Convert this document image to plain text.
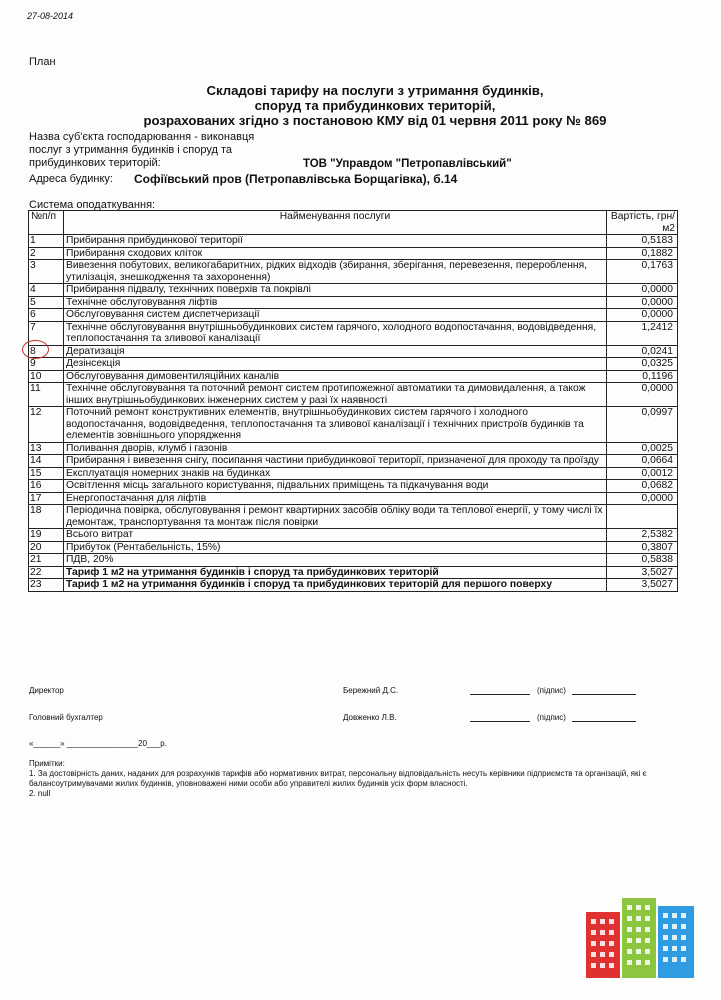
27-08-2014
План
Складові тарифу на послуги з утримання будинків,
споруд та прибудинкових територій,
розрахованих згідно з постановою КМУ від 01 червня 2011 року № 869
Назва суб'єкта господарювання - виконавця
послуг з утримання будинків і споруд та
прибудинкових територій:	ТОВ "Управдом "Петропавлівський"
Адреса будинку: Софіївський пров (Петропавлівська Борщагівка), б.14
Система оподаткування:
№п/п	Найменування послуги	Вартість, грн/м2
1	Прибирання прибудинкової території	0,5183
2	Прибирання сходових кліток	0,1882
3	Вивезення побутових, великогабаритних, рідких відходів (збирання, зберігання, перевезення, перероблення, утилізація, знешкодження та захоронення)	0,1763
4	Прибирання підвалу, технічних поверхів та покрівлі	0,0000
5	Технічне обслуговування ліфтів	0,0000
6	Обслуговування систем диспетчеризації	0,0000
7	Технічне обслуговування внутрішньобудинкових систем гарячого, холодного водопостачання, водовідведення, теплопостачання та зливової каналізації	1,2412
8	Дератизація	0,0241
9	Дезінсекція	0,0325
10	Обслуговування димовентиляційних каналів	0,1196
11	Технічне обслуговування та поточний ремонт систем протипожежної автоматики та димовидалення, а також інших внутрішньобудинкових інженерних систем у разі їх наявності	0,0000
12	Поточний ремонт конструктивних елементів, внутрішньобудинкових систем гарячого і холодного водопостачання, водовідведення, теплопостачання та зливової каналізації і технічних пристроїв будинків та елементів зовнішнього упорядження	0,0997
13	Поливання дворів, клумб і газонів	0,0025
14	Прибирання і вивезення снігу, посипання частини прибудинкової території, призначеної для проходу та проїзду	0,0664
15	Експлуатація номерних знаків на будинках	0,0012
16	Освітлення місць загального користування, підвальних приміщень та підкачування води	0,0682
17	Енергопостачання для ліфтів	0,0000
18	Періодична повірка, обслуговування і ремонт квартирних засобів обліку води та теплової енергії, у тому числі їх демонтаж, транспортування та монтаж після повірки	
19	Всього витрат	2,5382
20	Прибуток (Рентабельність, 15%)	0,3807
21	ПДВ, 20%	0,5838
22	Тариф 1 м2 на утримання будинків і споруд та прибудинкових територій	3,5027
23	Тариф 1 м2 на утримання будинків і споруд та прибудинкових територій для першого поверху	3,5027
Директор	Бережний Д.С.	(підпис)
Головний бухгалтер	Довженко Л.В.	(підпис)
«______» ________________20___р.
Примітки:
1. За достовірність даних, наданих для розрахунків тарифів або нормативних витрат, персональну відповідальність несуть керівники підприємств та організацій, які є балансоутримувачами жилих будинків, уповноважені ними особи або управителі жилих будинків усіх форм власності.
2. null
